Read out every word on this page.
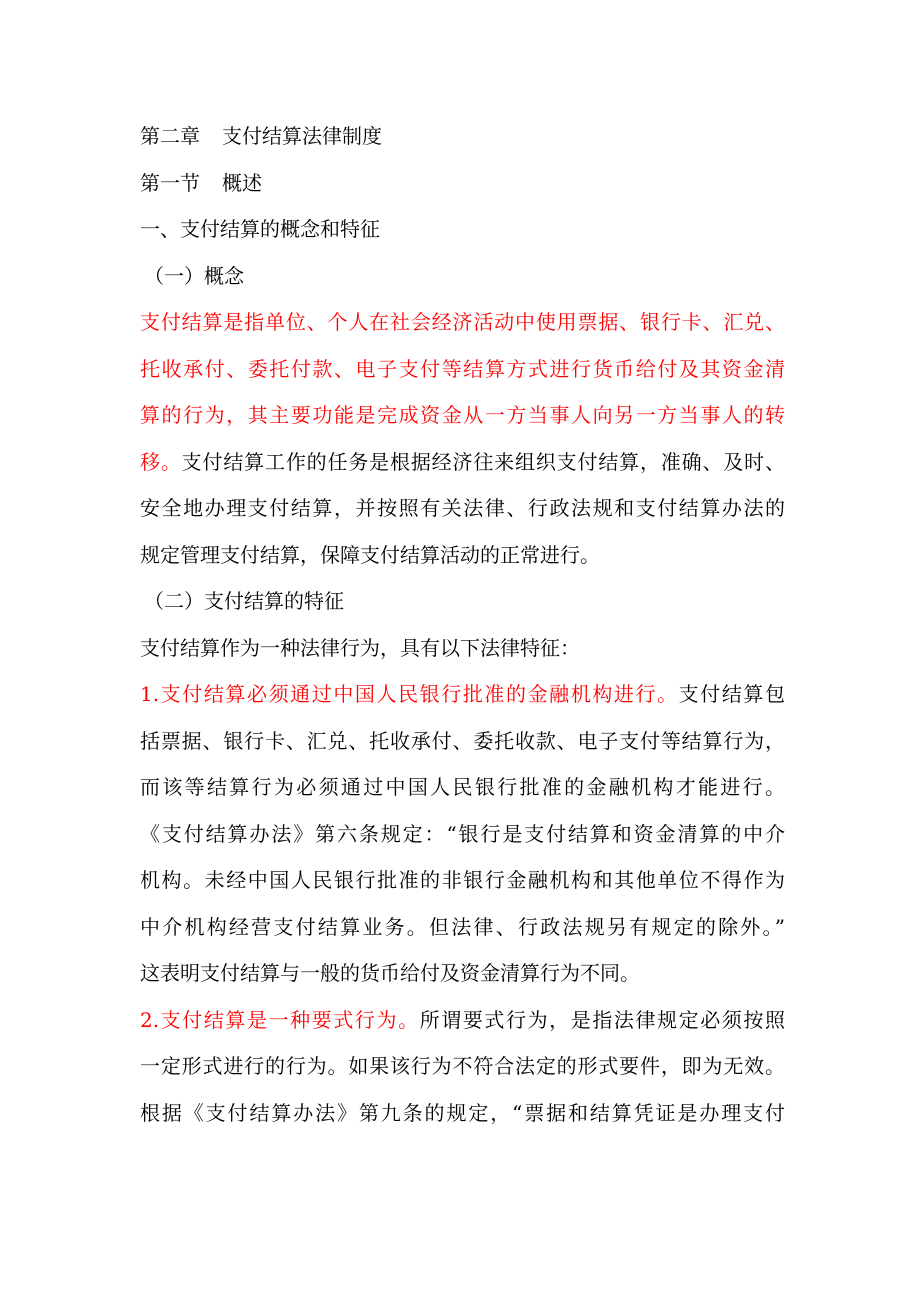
第二章 支付结算法律制度
第一节 概述
一、支付结算的概念和特征
（一）概念
支付结算是指单位、个人在社会经济活动中使用票据、银行卡、汇兑、
托收承付、委托付款、电子支付等结算方式进行货币给付及其资金清
算的行为，其主要功能是完成资金从一方当事人向另一方当事人的转
移。支付结算工作的任务是根据经济往来组织支付结算，准确、及时、
安全地办理支付结算，并按照有关法律、行政法规和支付结算办法的
规定管理支付结算，保障支付结算活动的正常进行。
（二）支付结算的特征
支付结算作为一种法律行为，具有以下法律特征：
1.支付结算必须通过中国人民银行批准的金融机构进行。支付结算包
括票据、银行卡、汇兑、托收承付、委托收款、电子支付等结算行为，
而该等结算行为必须通过中国人民银行批准的金融机构才能进行。
《支付结算办法》第六条规定：“银行是支付结算和资金清算的中介
机构。未经中国人民银行批准的非银行金融机构和其他单位不得作为
中介机构经营支付结算业务。但法律、行政法规另有规定的除外。”
这表明支付结算与一般的货币给付及资金清算行为不同。
2.支付结算是一种要式行为。所谓要式行为，是指法律规定必须按照
一定形式进行的行为。如果该行为不符合法定的形式要件，即为无效。
根据《支付结算办法》第九条的规定，“票据和结算凭证是办理支付
